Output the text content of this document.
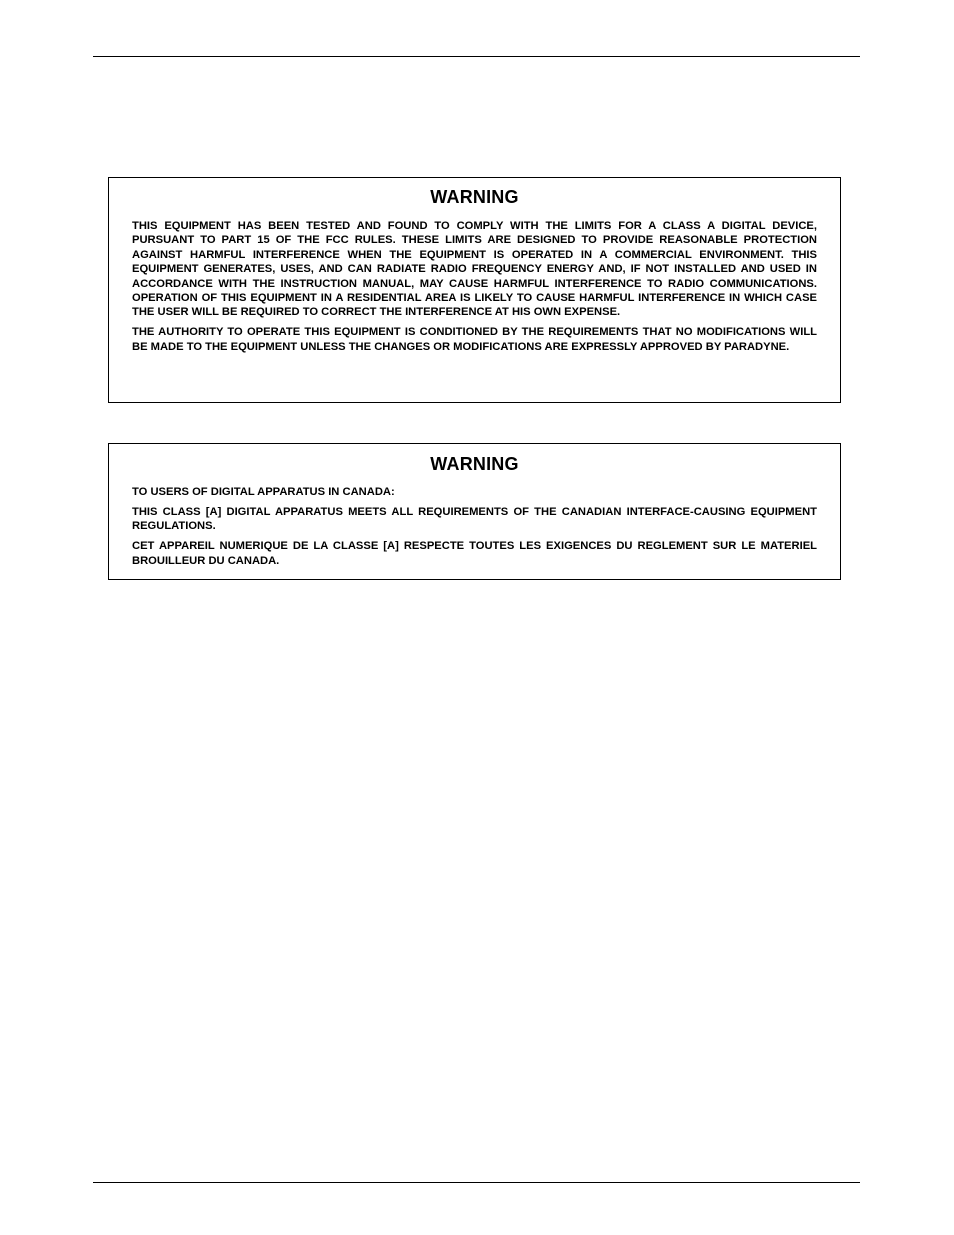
WARNING

THIS EQUIPMENT HAS BEEN TESTED AND FOUND TO COMPLY WITH THE LIMITS FOR A CLASS A DIGITAL DEVICE, PURSUANT TO PART 15 OF THE FCC RULES. THESE LIMITS ARE DESIGNED TO PROVIDE REASONABLE PROTECTION AGAINST HARMFUL INTERFERENCE WHEN THE EQUIPMENT IS OPERATED IN A COMMERCIAL ENVIRONMENT. THIS EQUIPMENT GENERATES, USES, AND CAN RADIATE RADIO FREQUENCY ENERGY AND, IF NOT INSTALLED AND USED IN ACCORDANCE WITH THE INSTRUCTION MANUAL, MAY CAUSE HARMFUL INTERFERENCE TO RADIO COMMUNICATIONS. OPERATION OF THIS EQUIPMENT IN A RESIDENTIAL AREA IS LIKELY TO CAUSE HARMFUL INTERFERENCE IN WHICH CASE THE USER WILL BE REQUIRED TO CORRECT THE INTERFERENCE AT HIS OWN EXPENSE.

THE AUTHORITY TO OPERATE THIS EQUIPMENT IS CONDITIONED BY THE REQUIREMENTS THAT NO MODIFICATIONS WILL BE MADE TO THE EQUIPMENT UNLESS THE CHANGES OR MODIFICATIONS ARE EXPRESSLY APPROVED BY PARADYNE.

WARNING

TO USERS OF DIGITAL APPARATUS IN CANADA:

THIS CLASS [A] DIGITAL APPARATUS MEETS ALL REQUIREMENTS OF THE CANADIAN INTERFACE-CAUSING EQUIPMENT REGULATIONS.

CET APPAREIL NUMERIQUE DE LA CLASSE [A] RESPECTE TOUTES LES EXIGENCES DU REGLEMENT SUR LE MATERIEL BROUILLEUR DU CANADA.
